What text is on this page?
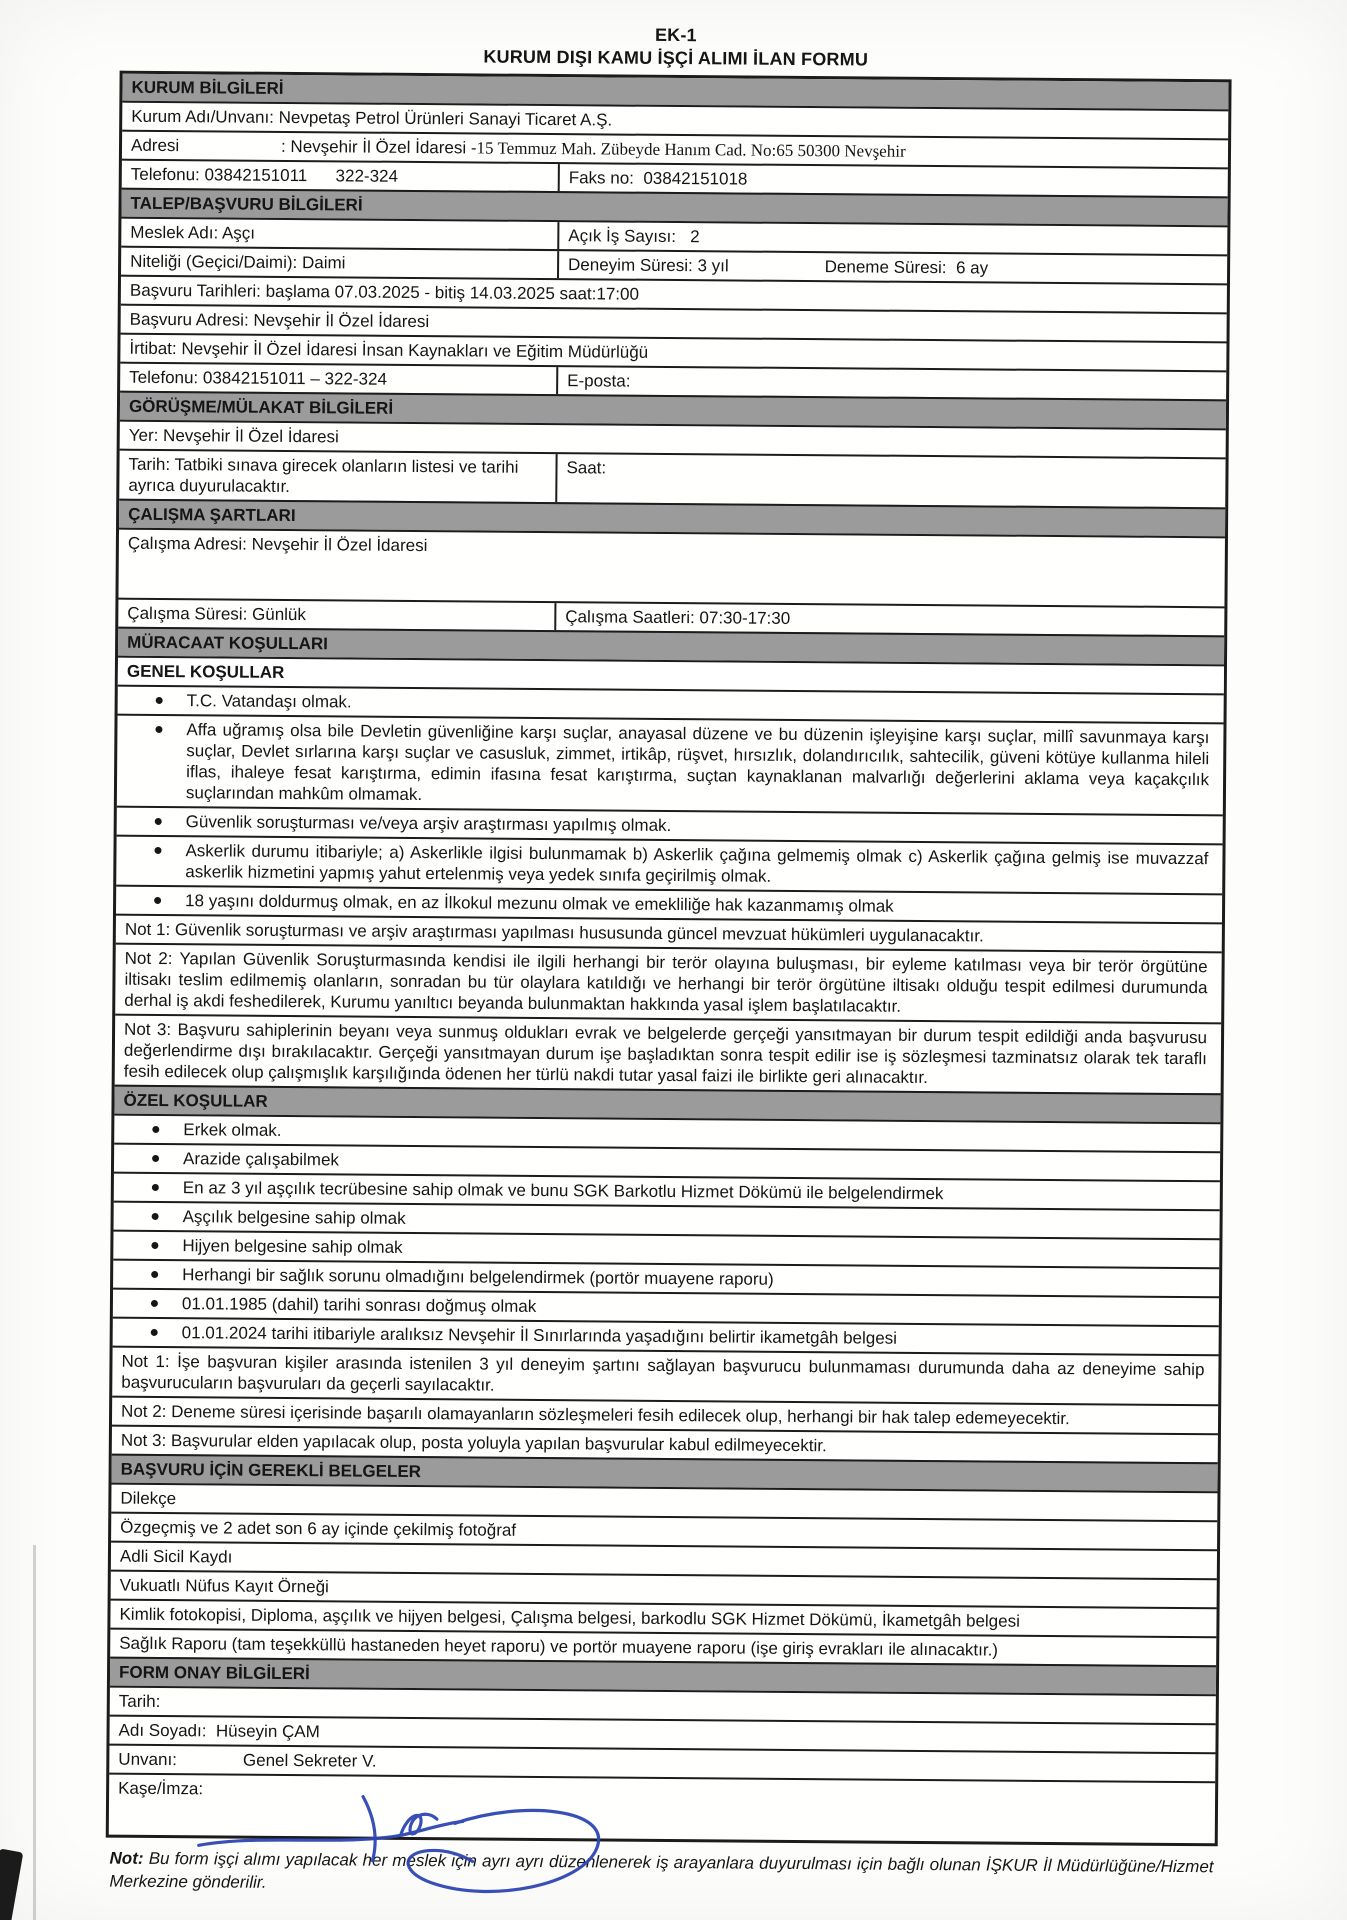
EK-1
KURUM DIŞI KAMU İŞÇİ ALIMI İLAN FORMU
KURUM BİLGİLERİ
Kurum Adı/Unvanı: Nevpetaş Petrol Ürünleri Sanayi Ticaret A.Ş.
Adresi	: Nevşehir İl Özel İdaresi -15 Temmuz Mah. Zübeyde Hanım Cad. No:65 50300 Nevşehir
Telefonu: 03842151011      322-324	Faks no:  03842151018
TALEP/BAŞVURU BİLGİLERİ
Meslek Adı: Aşçı	Açık İş Sayısı:   2
Niteliği (Geçici/Daimi): Daimi	Deneyim Süresi: 3 yıl	Deneme Süresi:  6 ay
Başvuru Tarihleri: başlama 07.03.2025 - bitiş 14.03.2025 saat:17:00
Başvuru Adresi: Nevşehir İl Özel İdaresi
İrtibat: Nevşehir İl Özel İdaresi İnsan Kaynakları ve Eğitim Müdürlüğü
Telefonu: 03842151011 – 322-324	E-posta:
GÖRÜŞME/MÜLAKAT BİLGİLERİ
Yer: Nevşehir İl Özel İdaresi
Tarih: Tatbiki sınava girecek olanların listesi ve tarihi ayrıca duyurulacaktır.
Saat:
ÇALIŞMA ŞARTLARI
Çalışma Adresi: Nevşehir İl Özel İdaresi
Çalışma Süresi: Günlük	Çalışma Saatleri: 07:30-17:30
MÜRACAAT KOŞULLARI
GENEL KOŞULLAR
T.C. Vatandaşı olmak.
Affa uğramış olsa bile Devletin güvenliğine karşı suçlar, anayasal düzene ve bu düzenin işleyişine karşı suçlar, millî savunmaya karşı suçlar, Devlet sırlarına karşı suçlar ve casusluk, zimmet, irtikâp, rüşvet, hırsızlık, dolandırıcılık, sahtecilik, güveni kötüye kullanma hileli iflas, ihaleye fesat karıştırma, edimin ifasına fesat karıştırma, suçtan kaynaklanan malvarlığı değerlerini aklama veya kaçakçılık suçlarından mahkûm olmamak.
Güvenlik soruşturması ve/veya arşiv araştırması yapılmış olmak.
Askerlik durumu itibariyle; a) Askerlikle ilgisi bulunmamak b) Askerlik çağına gelmemiş olmak c) Askerlik çağına gelmiş ise muvazzaf askerlik hizmetini yapmış yahut ertelenmiş veya yedek sınıfa geçirilmiş olmak.
18 yaşını doldurmuş olmak, en az İlkokul mezunu olmak ve emekliliğe hak kazanmamış olmak
Not 1: Güvenlik soruşturması ve arşiv araştırması yapılması hususunda güncel mevzuat hükümleri uygulanacaktır.
Not 2: Yapılan Güvenlik Soruşturmasında kendisi ile ilgili herhangi bir terör olayına buluşması, bir eyleme katılması veya bir terör örgütüne iltisakı teslim edilmemiş olanların, sonradan bu tür olaylara katıldığı ve herhangi bir terör örgütüne iltisakı olduğu tespit edilmesi durumunda derhal iş akdi feshedilerek, Kurumu yanıltıcı beyanda bulunmaktan hakkında yasal işlem başlatılacaktır.
Not 3: Başvuru sahiplerinin beyanı veya sunmuş oldukları evrak ve belgelerde gerçeği yansıtmayan bir durum tespit edildiği anda başvurusu değerlendirme dışı bırakılacaktır. Gerçeği yansıtmayan durum işe başladıktan sonra tespit edilir ise iş sözleşmesi tazminatsız olarak tek taraflı fesih edilecek olup çalışmışlık karşılığında ödenen her türlü nakdi tutar yasal faizi ile birlikte geri alınacaktır.
ÖZEL KOŞULLAR
Erkek olmak.
Arazide çalışabilmek
En az 3 yıl aşçılık tecrübesine sahip olmak ve bunu SGK Barkotlu Hizmet Dökümü ile belgelendirmek
Aşçılık belgesine sahip olmak
Hijyen belgesine sahip olmak
Herhangi bir sağlık sorunu olmadığını belgelendirmek (portör muayene raporu)
01.01.1985 (dahil) tarihi sonrası doğmuş olmak
01.01.2024 tarihi itibariyle aralıksız Nevşehir İl Sınırlarında yaşadığını belirtir ikametgâh belgesi
Not 1: İşe başvuran kişiler arasında istenilen 3 yıl deneyim şartını sağlayan başvurucu bulunmaması durumunda daha az deneyime sahip başvurucuların başvuruları da geçerli sayılacaktır.
Not 2: Deneme süresi içerisinde başarılı olamayanların sözleşmeleri fesih edilecek olup, herhangi bir hak talep edemeyecektir.
Not 3: Başvurular elden yapılacak olup, posta yoluyla yapılan başvurular kabul edilmeyecektir.
BAŞVURU İÇİN GEREKLİ BELGELER
Dilekçe
Özgeçmiş ve 2 adet son 6 ay içinde çekilmiş fotoğraf
Adli Sicil Kaydı
Vukuatlı Nüfus Kayıt Örneği
Kimlik fotokopisi, Diploma, aşçılık ve hijyen belgesi, Çalışma belgesi, barkodlu SGK Hizmet Dökümü, İkametgâh belgesi
Sağlık Raporu (tam teşekküllü hastaneden heyet raporu) ve portör muayene raporu (işe giriş evrakları ile alınacaktır.)
FORM ONAY BİLGİLERİ
Tarih:
Adı Soyadı:  Hüseyin ÇAM
Unvanı:	Genel Sekreter V.
Kaşe/İmza:
Not: Bu form işçi alımı yapılacak her meslek için ayrı ayrı düzenlenerek iş arayanlara duyurulması için bağlı olunan İŞKUR İl Müdürlüğüne/Hizmet Merkezine gönderilir.
